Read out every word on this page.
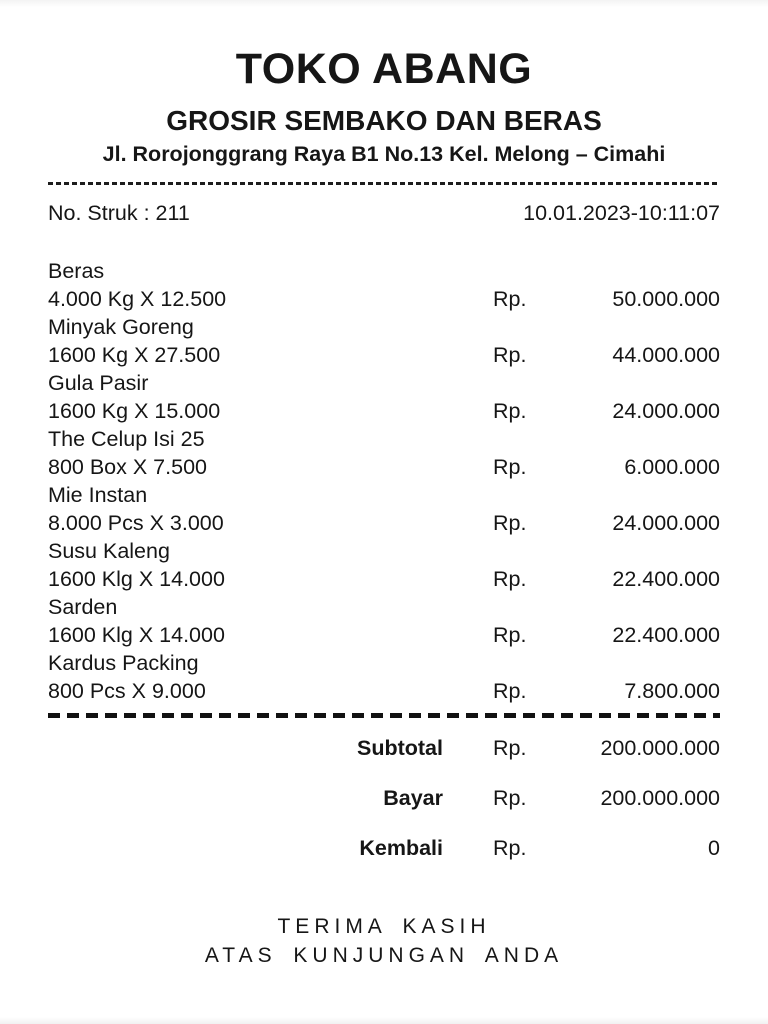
TOKO ABANG
GROSIR SEMBAKO DAN BERAS
Jl. Rorojonggrang Raya B1 No.13 Kel. Melong – Cimahi
No. Struk : 211	10.01.2023-10:11:07
Beras
4.000 Kg X 12.500	Rp.	50.000.000
Minyak Goreng
1600 Kg X 27.500	Rp.	44.000.000
Gula Pasir
1600 Kg X 15.000	Rp.	24.000.000
The Celup Isi 25
800 Box X 7.500	Rp.	6.000.000
Mie Instan
8.000 Pcs X 3.000	Rp.	24.000.000
Susu Kaleng
1600 Klg X 14.000	Rp.	22.400.000
Sarden
1600 Klg X 14.000	Rp.	22.400.000
Kardus Packing
800 Pcs X 9.000	Rp.	7.800.000
Subtotal	Rp.	200.000.000
Bayar	Rp.	200.000.000
Kembali	Rp.	0
TERIMA KASIH
ATAS KUNJUNGAN ANDA
